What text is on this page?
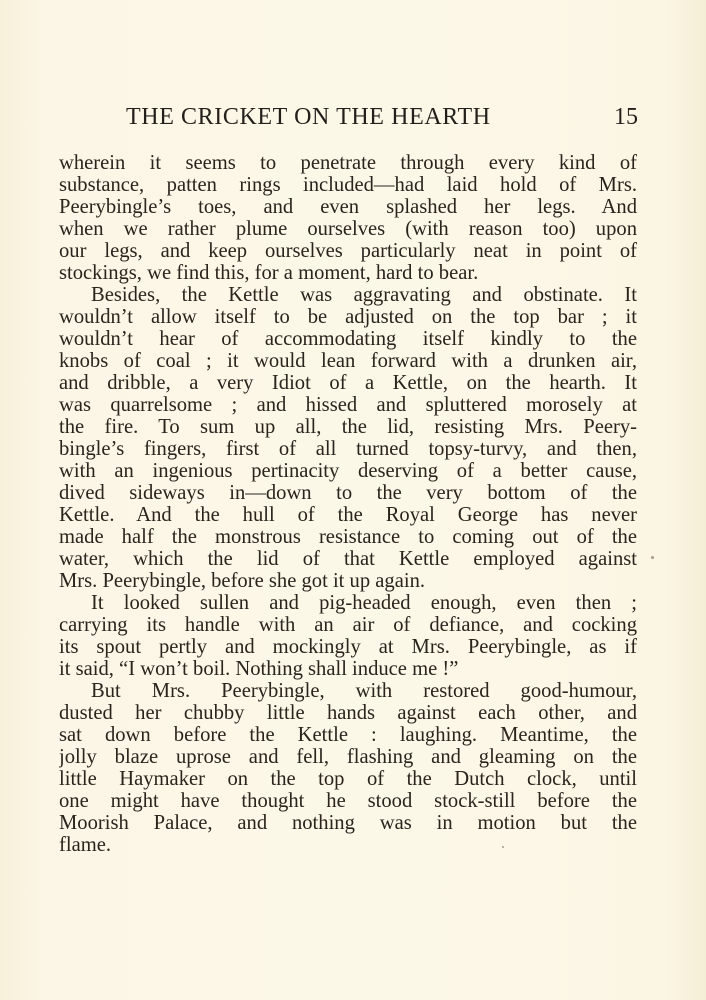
THE CRICKET ON THE HEARTH	15
wherein it seems to penetrate through every kind of
substance, patten rings included—had laid hold of Mrs.
Peerybingle’s toes, and even splashed her legs. And
when we rather plume ourselves (with reason too) upon
our legs, and keep ourselves particularly neat in point of
stockings, we find this, for a moment, hard to bear.
Besides, the Kettle was aggravating and obstinate. It
wouldn’t allow itself to be adjusted on the top bar ; it
wouldn’t hear of accommodating itself kindly to the
knobs of coal ; it would lean forward with a drunken air,
and dribble, a very Idiot of a Kettle, on the hearth. It
was quarrelsome ; and hissed and spluttered morosely at
the fire. To sum up all, the lid, resisting Mrs. Peery-
bingle’s fingers, first of all turned topsy-turvy, and then,
with an ingenious pertinacity deserving of a better cause,
dived sideways in—down to the very bottom of the
Kettle. And the hull of the Royal George has never
made half the monstrous resistance to coming out of the
water, which the lid of that Kettle employed against
Mrs. Peerybingle, before she got it up again.
It looked sullen and pig-headed enough, even then ;
carrying its handle with an air of defiance, and cocking
its spout pertly and mockingly at Mrs. Peerybingle, as if
it said, “I won’t boil. Nothing shall induce me !”
But Mrs. Peerybingle, with restored good-humour,
dusted her chubby little hands against each other, and
sat down before the Kettle : laughing. Meantime, the
jolly blaze uprose and fell, flashing and gleaming on the
little Haymaker on the top of the Dutch clock, until
one might have thought he stood stock-still before the
Moorish Palace, and nothing was in motion but the
flame.
